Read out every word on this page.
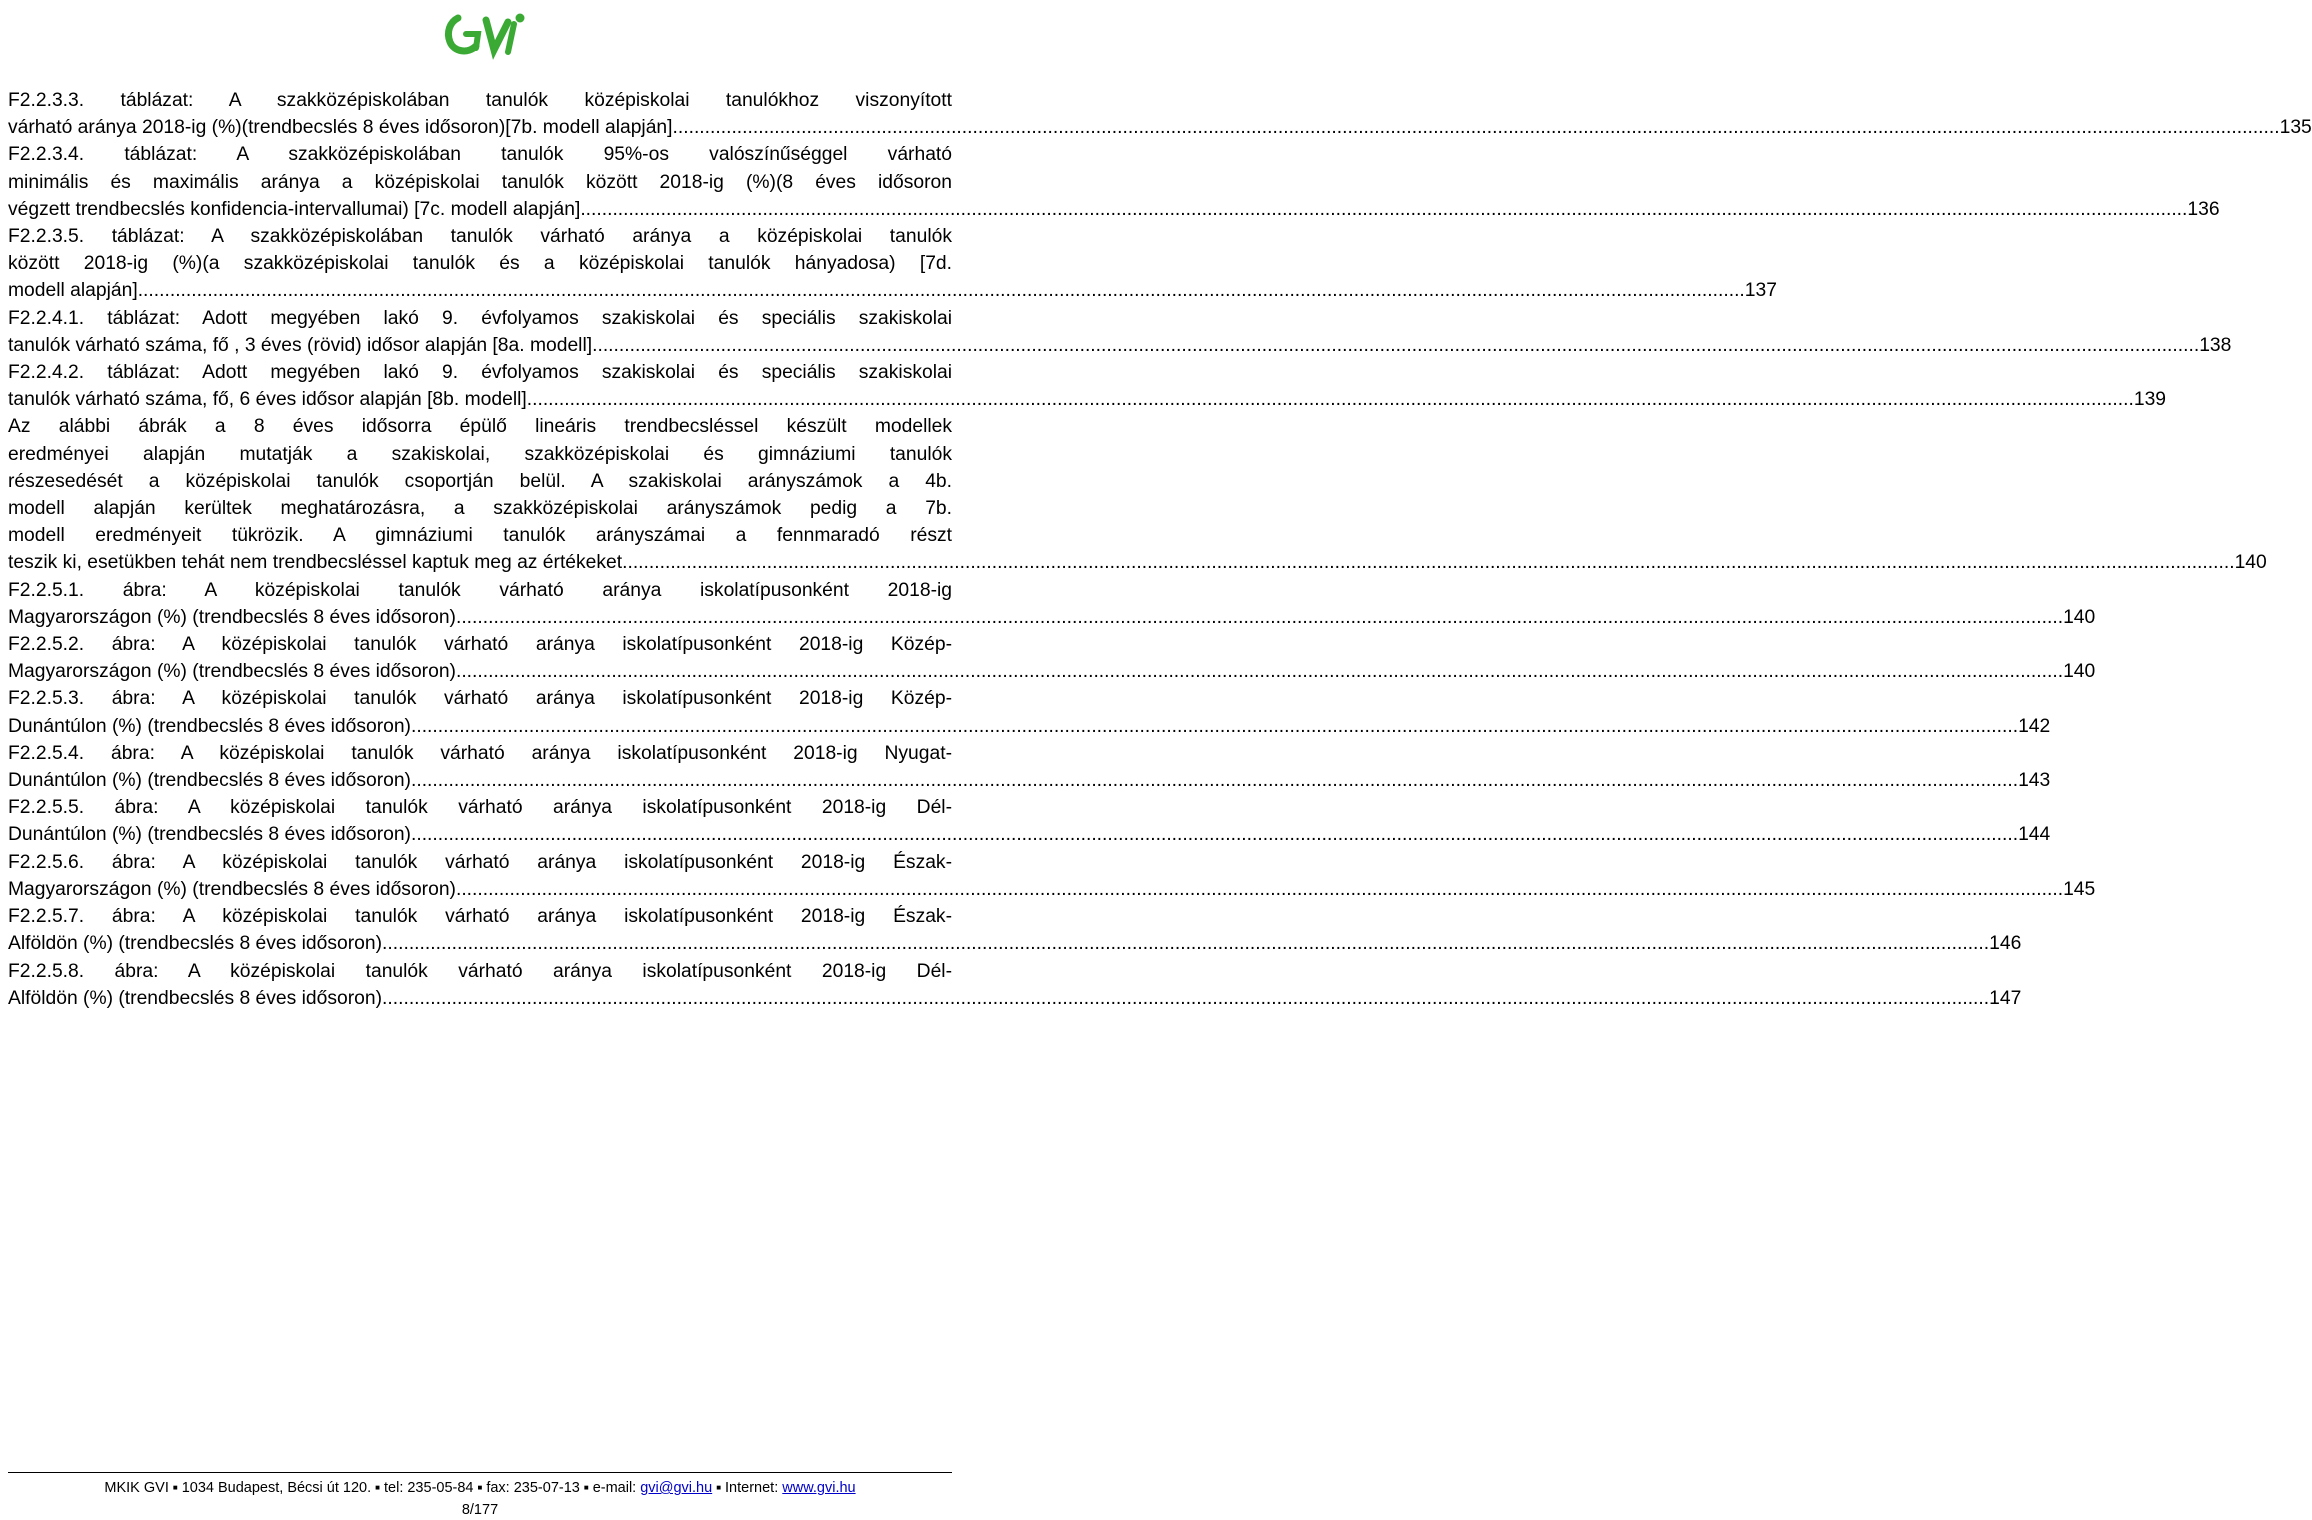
F2.2.3.3. táblázat: A szakközépiskolában tanulók középiskolai tanulókhoz viszonyított
várható aránya 2018-ig (%)(trendbecslés 8 éves idősoron)[7b. modell alapján] ............................................................................................................................................................................................................................................................................................................ 135
F2.2.3.4. táblázat: A szakközépiskolában tanulók 95%-os valószínűséggel várható
minimális és maximális aránya a középiskolai tanulók között 2018-ig (%)(8 éves idősoron
végzett trendbecslés konfidencia-intervallumai) [7c. modell alapján] ............................................................................................................................................................................................................................................................................................................ 136
F2.2.3.5. táblázat: A szakközépiskolában tanulók várható aránya a középiskolai tanulók
között 2018-ig (%)(a szakközépiskolai tanulók és a középiskolai tanulók hányadosa) [7d.
modell alapján] ............................................................................................................................................................................................................................................................................................................ 137
F2.2.4.1. táblázat: Adott megyében lakó 9. évfolyamos szakiskolai és speciális szakiskolai
tanulók várható száma, fő , 3 éves (rövid) idősor alapján [8a. modell] ............................................................................................................................................................................................................................................................................................................ 138
F2.2.4.2. táblázat: Adott megyében lakó 9. évfolyamos szakiskolai és speciális szakiskolai
tanulók várható száma, fő, 6 éves idősor alapján [8b. modell] ............................................................................................................................................................................................................................................................................................................ 139
Az alábbi ábrák a 8 éves idősorra épülő lineáris trendbecsléssel készült modellek
eredményei alapján mutatják a szakiskolai, szakközépiskolai és gimnáziumi tanulók
részesedését a középiskolai tanulók csoportján belül. A szakiskolai arányszámok a 4b.
modell alapján kerültek meghatározásra, a szakközépiskolai arányszámok pedig a 7b.
modell eredményeit tükrözik. A gimnáziumi tanulók arányszámai a fennmaradó részt
teszik ki, esetükben tehát nem trendbecsléssel kaptuk meg az értékeket. ............................................................................................................................................................................................................................................................................................................ 140
F2.2.5.1. ábra: A középiskolai tanulók várható aránya iskolatípusonként 2018-ig
Magyarországon (%) (trendbecslés 8 éves idősoron) ............................................................................................................................................................................................................................................................................................................ 140
F2.2.5.2. ábra: A középiskolai tanulók várható aránya iskolatípusonként 2018-ig Közép-
Magyarországon (%) (trendbecslés 8 éves idősoron) ............................................................................................................................................................................................................................................................................................................ 140
F2.2.5.3. ábra: A középiskolai tanulók várható aránya iskolatípusonként 2018-ig Közép-
Dunántúlon (%) (trendbecslés 8 éves idősoron) ............................................................................................................................................................................................................................................................................................................ 142
F2.2.5.4. ábra: A középiskolai tanulók várható aránya iskolatípusonként 2018-ig Nyugat-
Dunántúlon (%) (trendbecslés 8 éves idősoron) ............................................................................................................................................................................................................................................................................................................ 143
F2.2.5.5. ábra: A középiskolai tanulók várható aránya iskolatípusonként 2018-ig Dél-
Dunántúlon (%) (trendbecslés 8 éves idősoron) ............................................................................................................................................................................................................................................................................................................ 144
F2.2.5.6. ábra: A középiskolai tanulók várható aránya iskolatípusonként 2018-ig Észak-
Magyarországon (%) (trendbecslés 8 éves idősoron) ............................................................................................................................................................................................................................................................................................................ 145
F2.2.5.7. ábra: A középiskolai tanulók várható aránya iskolatípusonként 2018-ig Észak-
Alföldön (%) (trendbecslés 8 éves idősoron) ............................................................................................................................................................................................................................................................................................................ 146
F2.2.5.8. ábra: A középiskolai tanulók várható aránya iskolatípusonként 2018-ig Dél-
Alföldön (%) (trendbecslés 8 éves idősoron) ............................................................................................................................................................................................................................................................................................................ 147
MKIK GVI ■ 1034 Budapest, Bécsi út 120. ■ tel: 235-05-84 ■ fax: 235-07-13 ■ e-mail: gvi@gvi.hu ■ Internet: www.gvi.hu
8/177
